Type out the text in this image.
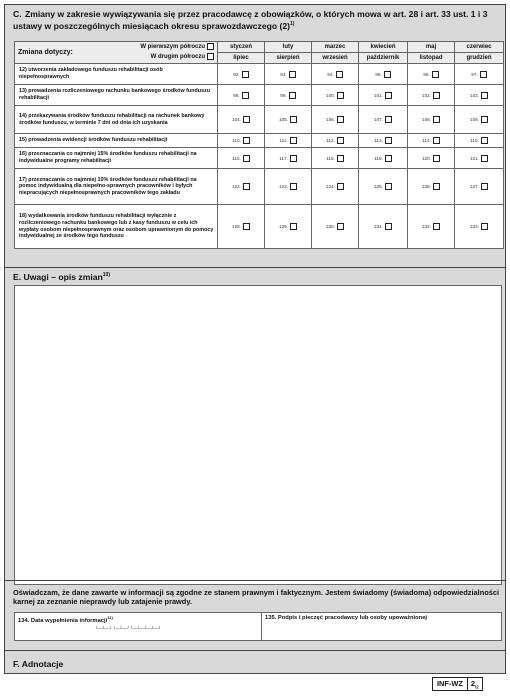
C. Zmiany w zakresie wywiązywania się przez pracodawcę z obowiązków, o których mowa w art. 28 i art. 33 ust. 1 i 3 ustawy w poszczególnych miesiącach okresu sprawozdawczego $(2)^{1)}$
Zmiana dotyczy:
W pierwszym półroczu
W drugim półroczu	styczeń	luty	marzec	kwiecień	maj	czerwiec
	lipiec	sierpień	wrzesień	październik	listopad	grudzień
12) utworzenia zakładowego funduszu rehabilitacji osób niepełnosprawnych	92.	93.	94.	95.	96.	97.
13) prowadzenia rozliczeniowego rachunku bankowego środków funduszu rehabilitacji	98.	99.	100.	101.	102.	103.
14) przekazywania środków funduszu rehabilitacji na rachunek bankowy środków funduszu, w terminie 7 dni od dnia ich uzyskania	104.	105.	106.	107.	108.	109.
15) prowadzenia ewidencji środków funduszu rehabilitacji	110.	111.	112.	113.	114.	115.
16) przeznaczania co najmniej 15% środków funduszu rehabilitacji na indywidualne programy rehabilitacji	116.	117.	118.	119.	120.	121.
17) przeznaczania co najmniej 10% środków funduszu rehabilitacji na pomoc indywidualną dla niepełno-sprawnych pracowników i byłych niepracujących niepełnosprawnych pracowników tego zakładu	122.	123.	124.	125.	126.	127.
18) wydatkowania środków funduszu rehabilitacji wyłącznie z rozliczeniowego rachunku bankowego lub z kasy funduszu w celu ich wypłaty osobom niepełnosprawnym oraz osobom uprawnionym do pomocy indywidualnej ze środków tego funduszu	128.	129.	130.	131.	132.	133.
E. Uwagi – opis zmian$^{10)}$
Oświadczam, że dane zawarte w informacji są zgodne ze stanem prawnym i faktycznym. Jestem świadomy (świadoma) odpowiedzialności karnej za zeznanie nieprawdy lub zatajenie prawdy.
134. Data wypełnienia informacji$^{11)}$
└─┴─┘└─┴─┘└─┴─┴─┴─┘
135. Podpis i pieczęć pracodawcy lub osoby upoważnionej
F. Adnotacje
INF-WZ	$2_{/2}$
